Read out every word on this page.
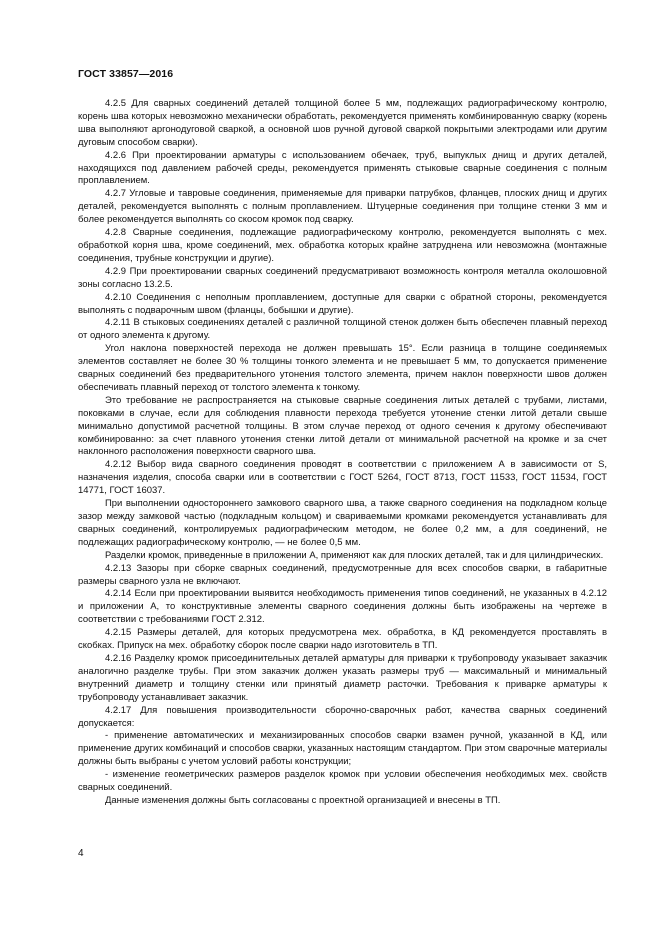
ГОСТ 33857—2016

4.2.5 Для сварных соединений деталей толщиной более 5 мм, подлежащих радиографическому контролю, корень шва которых невозможно механически обработать, рекомендуется применять комбинированную сварку (корень шва выполняют аргонодуговой сваркой, а основной шов ручной дуговой сваркой покрытыми электродами или другим дуговым способом сварки).

4.2.6 При проектировании арматуры с использованием обечаек, труб, выпуклых днищ и других деталей, находящихся под давлением рабочей среды, рекомендуется применять стыковые сварные соединения с полным проплавлением.

4.2.7 Угловые и тавровые соединения, применяемые для приварки патрубков, фланцев, плоских днищ и других деталей, рекомендуется выполнять с полным проплавлением. Штуцерные соединения при толщине стенки 3 мм и более рекомендуется выполнять со скосом кромок под сварку.

4.2.8 Сварные соединения, подлежащие радиографическому контролю, рекомендуется выполнять с мех. обработкой корня шва, кроме соединений, мех. обработка которых крайне затруднена или невозможна (монтажные соединения, трубные конструкции и другие).

4.2.9 При проектировании сварных соединений предусматривают возможность контроля металла околошовной зоны согласно 13.2.5.

4.2.10 Соединения с неполным проплавлением, доступные для сварки с обратной стороны, рекомендуется выполнять с подварочным швом (фланцы, бобышки и другие).

4.2.11 В стыковых соединениях деталей с различной толщиной стенок должен быть обеспечен плавный переход от одного элемента к другому.

Угол наклона поверхностей перехода не должен превышать 15°. Если разница в толщине соединяемых элементов составляет не более 30 % толщины тонкого элемента и не превышает 5 мм, то допускается применение сварных соединений без предварительного утонения толстого элемента, причем наклон поверхности швов должен обеспечивать плавный переход от толстого элемента к тонкому.

Это требование не распространяется на стыковые сварные соединения литых деталей с трубами, листами, поковками в случае, если для соблюдения плавности перехода требуется утонение стенки литой детали свыше минимально допустимой расчетной толщины. В этом случае переход от одного сечения к другому обеспечивают комбинированно: за счет плавного утонения стенки литой детали от минимальной расчетной на кромке и за счет наклонного расположения поверхности сварного шва.

4.2.12 Выбор вида сварного соединения проводят в соответствии с приложением А в зависимости от S, назначения изделия, способа сварки или в соответствии с ГОСТ 5264, ГОСТ 8713, ГОСТ 11533, ГОСТ 11534, ГОСТ 14771, ГОСТ 16037.

При выполнении одностороннего замкового сварного шва, а также сварного соединения на подкладном кольце зазор между замковой частью (подкладным кольцом) и свариваемыми кромками рекомендуется устанавливать для сварных соединений, контролируемых радиографическим методом, не более 0,2 мм, а для соединений, не подлежащих радиографическому контролю, — не более 0,5 мм.

Разделки кромок, приведенные в приложении А, применяют как для плоских деталей, так и для цилиндрических.

4.2.13 Зазоры при сборке сварных соединений, предусмотренные для всех способов сварки, в габаритные размеры сварного узла не включают.

4.2.14 Если при проектировании выявится необходимость применения типов соединений, не указанных в 4.2.12 и приложении А, то конструктивные элементы сварного соединения должны быть изображены на чертеже в соответствии с требованиями ГОСТ 2.312.

4.2.15 Размеры деталей, для которых предусмотрена мех. обработка, в КД рекомендуется проставлять в скобках. Припуск на мех. обработку сборок после сварки надо изготовитель в ТП.

4.2.16 Разделку кромок присоединительных деталей арматуры для приварки к трубопроводу указывает заказчик аналогично разделке трубы. При этом заказчик должен указать размеры труб — максимальный и минимальный внутренний диаметр и толщину стенки или принятый диаметр расточки. Требования к приварке арматуры к трубопроводу устанавливает заказчик.

4.2.17 Для повышения производительности сборочно-сварочных работ, качества сварных соединений допускается:

- применение автоматических и механизированных способов сварки взамен ручной, указанной в КД, или применение других комбинаций и способов сварки, указанных настоящим стандартом. При этом сварочные материалы должны быть выбраны с учетом условий работы конструкции;

- изменение геометрических размеров разделок кромок при условии обеспечения необходимых мех. свойств сварных соединений.

Данные изменения должны быть согласованы с проектной организацией и внесены в ТП.

4
